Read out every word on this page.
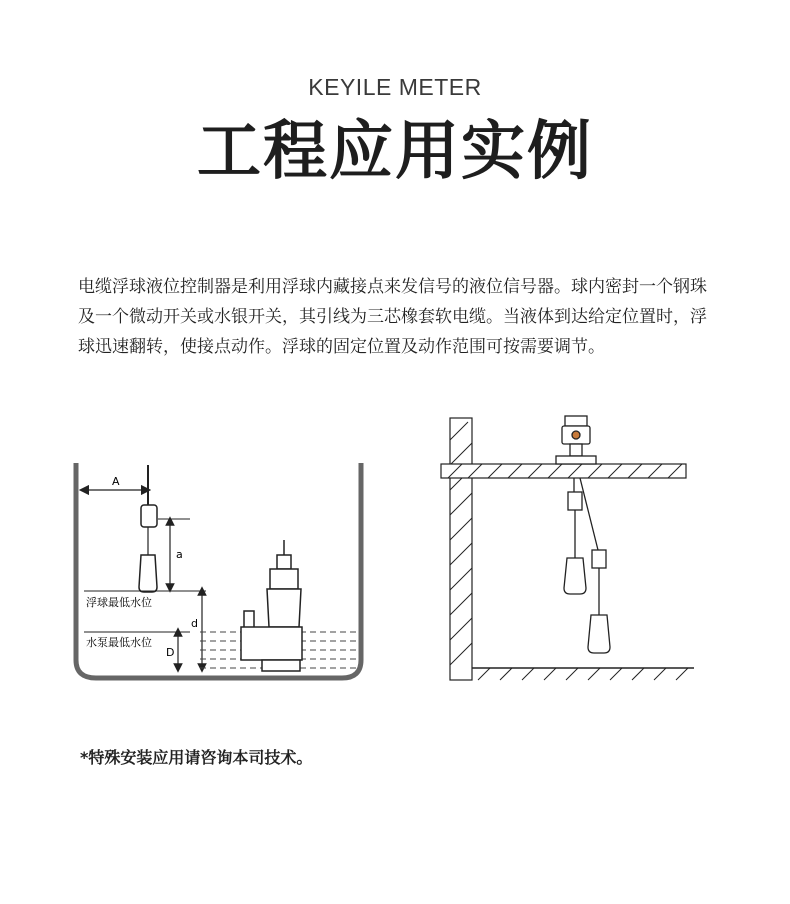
KEYILE METER
工程应用实例
电缆浮球液位控制器是利用浮球内藏接点来发信号的液位信号器。球内密封一个钢珠及一个微动开关或水银开关，其引线为三芯橡套软电缆。当液体到达给定位置时，浮球迅速翻转，使接点动作。浮球的固定位置及动作范围可按需要调节。
A
a
浮球最低水位
d
水泵最低水位
D
*特殊安装应用请咨询本司技术。
